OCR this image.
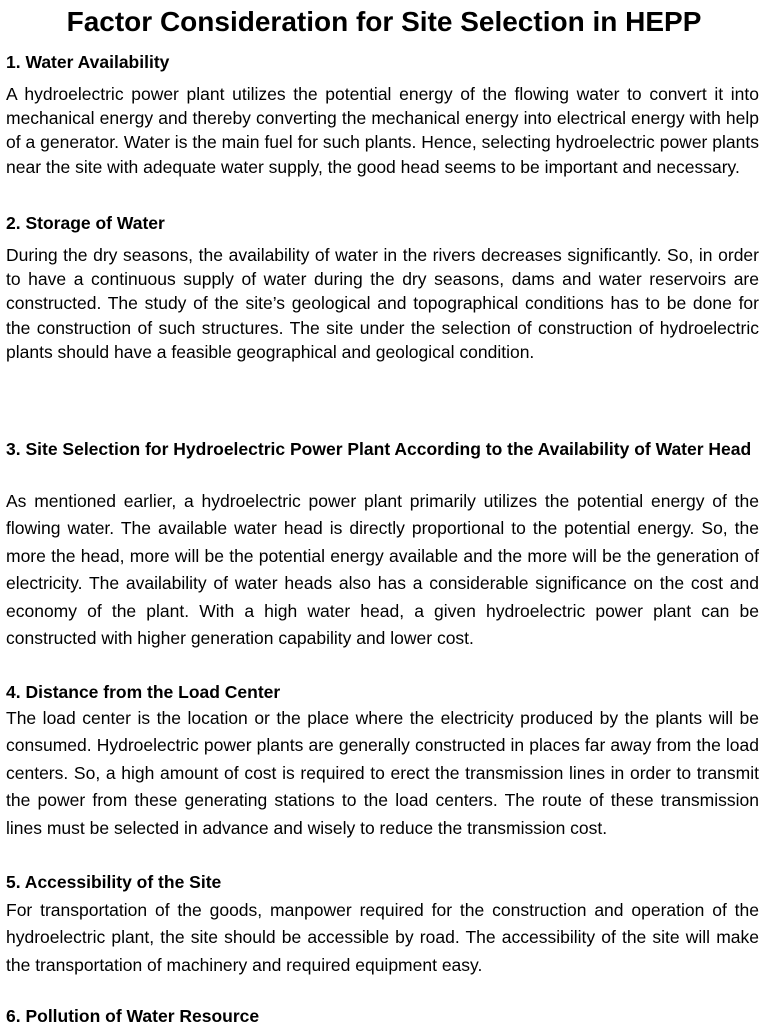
Factor Consideration for Site Selection in HEPP
1. Water Availability
A hydroelectric power plant utilizes the potential energy of the flowing water to convert it into mechanical energy and thereby converting the mechanical energy into electrical energy with help of a generator. Water is the main fuel for such plants. Hence, selecting hydroelectric power plants near the site with adequate water supply, the good head seems to be important and necessary.
2. Storage of Water
During the dry seasons, the availability of water in the rivers decreases significantly. So, in order to have a continuous supply of water during the dry seasons, dams and water reservoirs are constructed. The study of the site’s geological and topographical conditions has to be done for the construction of such structures. The site under the selection of construction of hydroelectric plants should have a feasible geographical and geological condition.
3. Site Selection for Hydroelectric Power Plant According to the Availability of Water Head
As mentioned earlier, a hydroelectric power plant primarily utilizes the potential energy of the flowing water. The available water head is directly proportional to the potential energy. So, the more the head, more will be the potential energy available and the more will be the generation of electricity. The availability of water heads also has a considerable significance on the cost and economy of the plant. With a high water head, a given hydroelectric power plant can be constructed with higher generation capability and lower cost.
4. Distance from the Load Center
The load center is the location or the place where the electricity produced by the plants will be consumed. Hydroelectric power plants are generally constructed in places far away from the load centers. So, a high amount of cost is required to erect the transmission lines in order to transmit the power from these generating stations to the load centers. The route of these transmission lines must be selected in advance and wisely to reduce the transmission cost.
5. Accessibility of the Site
For transportation of the goods, manpower required for the construction and operation of the hydroelectric plant, the site should be accessible by road. The accessibility of the site will make the transportation of machinery and required equipment easy.
6. Pollution of Water Resource
